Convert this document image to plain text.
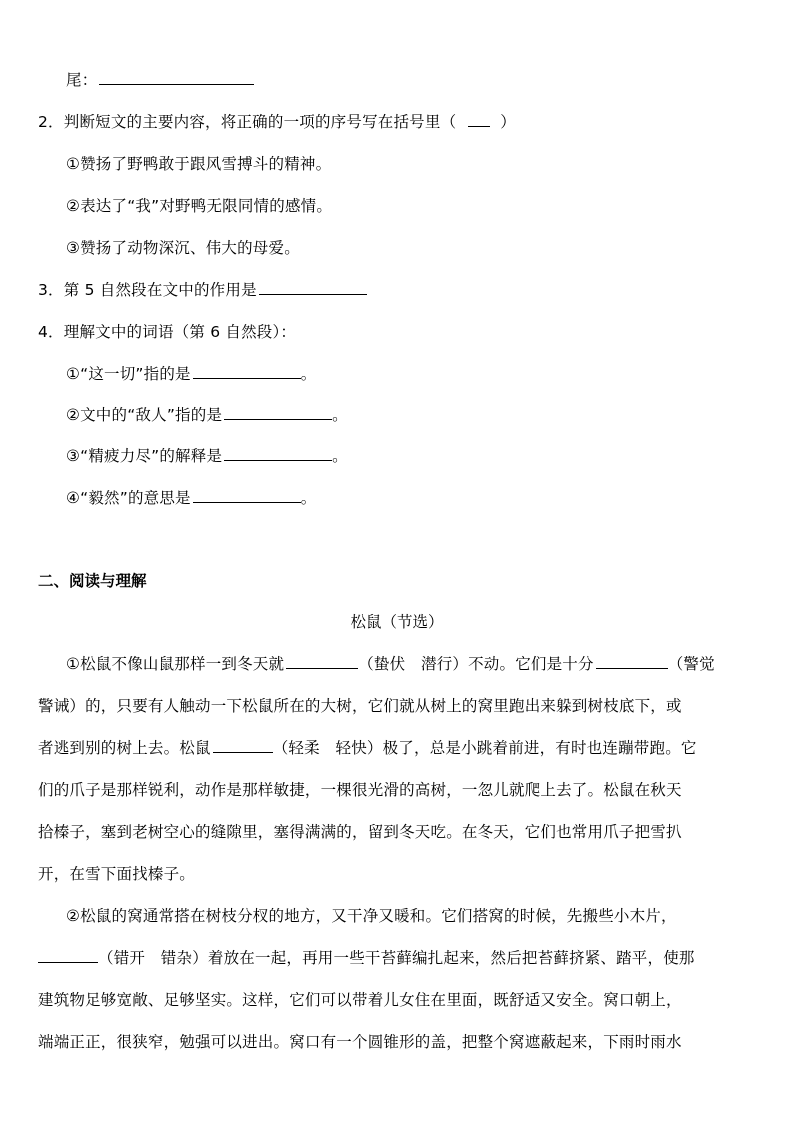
尾：
2．判断短文的主要内容，将正确的一项的序号写在括号里（	）
①赞扬了野鸭敢于跟风雪搏斗的精神。
②表达了“我”对野鸭无限同情的感情。
③赞扬了动物深沉、伟大的母爱。
3．第 5 自然段在文中的作用是
4．理解文中的词语（第 6 自然段）：
①“这一切”指的是	。
②文中的“敌人”指的是	。
③“精疲力尽”的解释是	。
④“毅然”的意思是	。
二、阅读与理解
松鼠（节选）
①松鼠不像山鼠那样一到冬天就	（蛰伏　潜行）不动。它们是十分	（警觉
警诫）的，只要有人触动一下松鼠所在的大树，它们就从树上的窝里跑出来躲到树枝底下，或
者逃到别的树上去。松鼠	（轻柔　轻快）极了，总是小跳着前进，有时也连蹦带跑。它
们的爪子是那样锐利，动作是那样敏捷，一棵很光滑的高树，一忽儿就爬上去了。松鼠在秋天
拾榛子，塞到老树空心的缝隙里，塞得满满的，留到冬天吃。在冬天，它们也常用爪子把雪扒
开，在雪下面找榛子。
②松鼠的窝通常搭在树枝分杈的地方，又干净又暖和。它们搭窝的时候，先搬些小木片，
（错开　错杂）着放在一起，再用一些干苔藓编扎起来，然后把苔藓挤紧、踏平，使那
建筑物足够宽敞、足够坚实。这样，它们可以带着儿女住在里面，既舒适又安全。窝口朝上，
端端正正，很狭窄，勉强可以进出。窝口有一个圆锥形的盖，把整个窝遮蔽起来，下雨时雨水
